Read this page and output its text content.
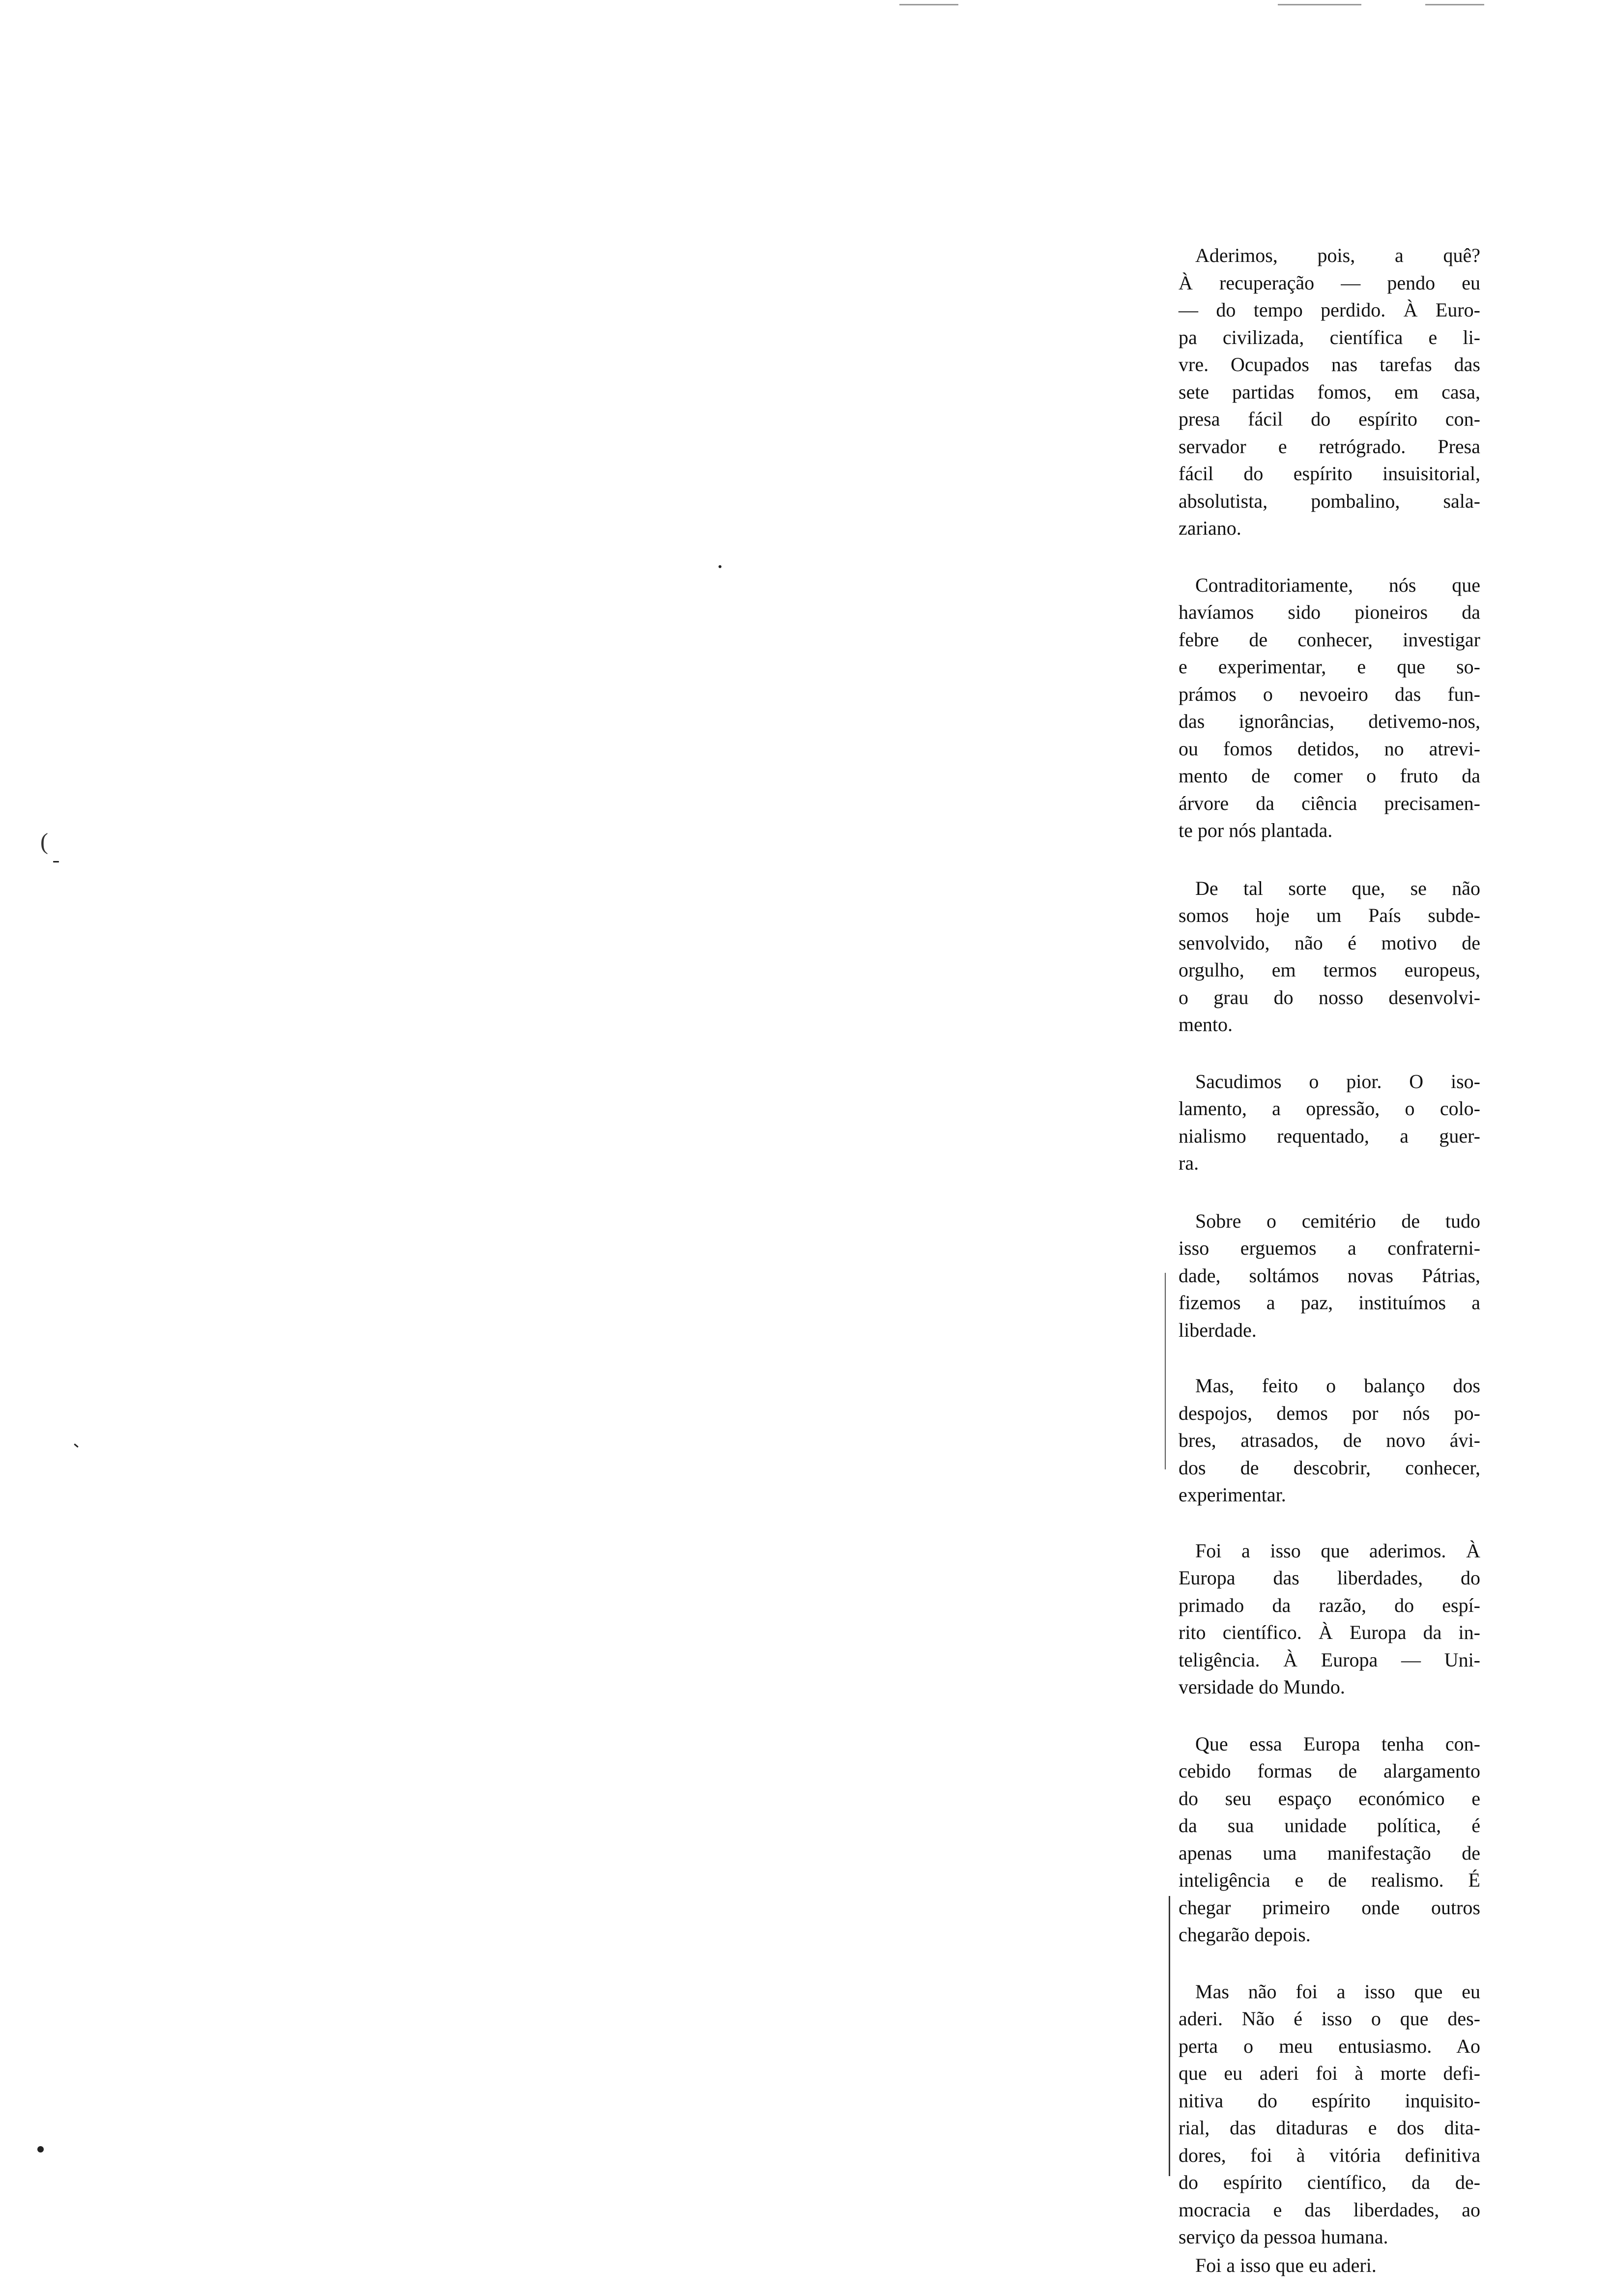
(
Aderimos, pois, a quê?
À recuperação — pendo eu
— do tempo perdido. À Euro-
pa civilizada, científica e li-
vre. Ocupados nas tarefas das
sete partidas fomos, em casa,
presa fácil do espírito con-
servador e retrógrado. Presa
fácil do espírito insuisitorial,
absolutista, pombalino, sala-
zariano.
Contraditoriamente, nós que
havíamos sido pioneiros da
febre de conhecer, investigar
e experimentar, e que so-
prámos o nevoeiro das fun-
das ignorâncias, detivemo-nos,
ou fomos detidos, no atrevi-
mento de comer o fruto da
árvore da ciência precisamen-
te por nós plantada.
De tal sorte que, se não
somos hoje um País subde-
senvolvido, não é motivo de
orgulho, em termos europeus,
o grau do nosso desenvolvi-
mento.
Sacudimos o pior. O iso-
lamento, a opressão, o colo-
nialismo requentado, a guer-
ra.
Sobre o cemitério de tudo
isso erguemos a confraterni-
dade, soltámos novas Pátrias,
fizemos a paz, instituímos a
liberdade.
Mas, feito o balanço dos
despojos, demos por nós po-
bres, atrasados, de novo ávi-
dos de descobrir, conhecer,
experimentar.
Foi a isso que aderimos. À
Europa das liberdades, do
primado da razão, do espí-
rito científico. À Europa da in-
teligência. À Europa — Uni-
versidade do Mundo.
Que essa Europa tenha con-
cebido formas de alargamento
do seu espaço económico e
da sua unidade política, é
apenas uma manifestação de
inteligência e de realismo. É
chegar primeiro onde outros
chegarão depois.
Mas não foi a isso que eu
aderi. Não é isso o que des-
perta o meu entusiasmo. Ao
que eu aderi foi à morte defi-
nitiva do espírito inquisito-
rial, das ditaduras e dos dita-
dores, foi à vitória definitiva
do espírito científico, da de-
mocracia e das liberdades, ao
serviço da pessoa humana.
Foi a isso que eu aderi.
